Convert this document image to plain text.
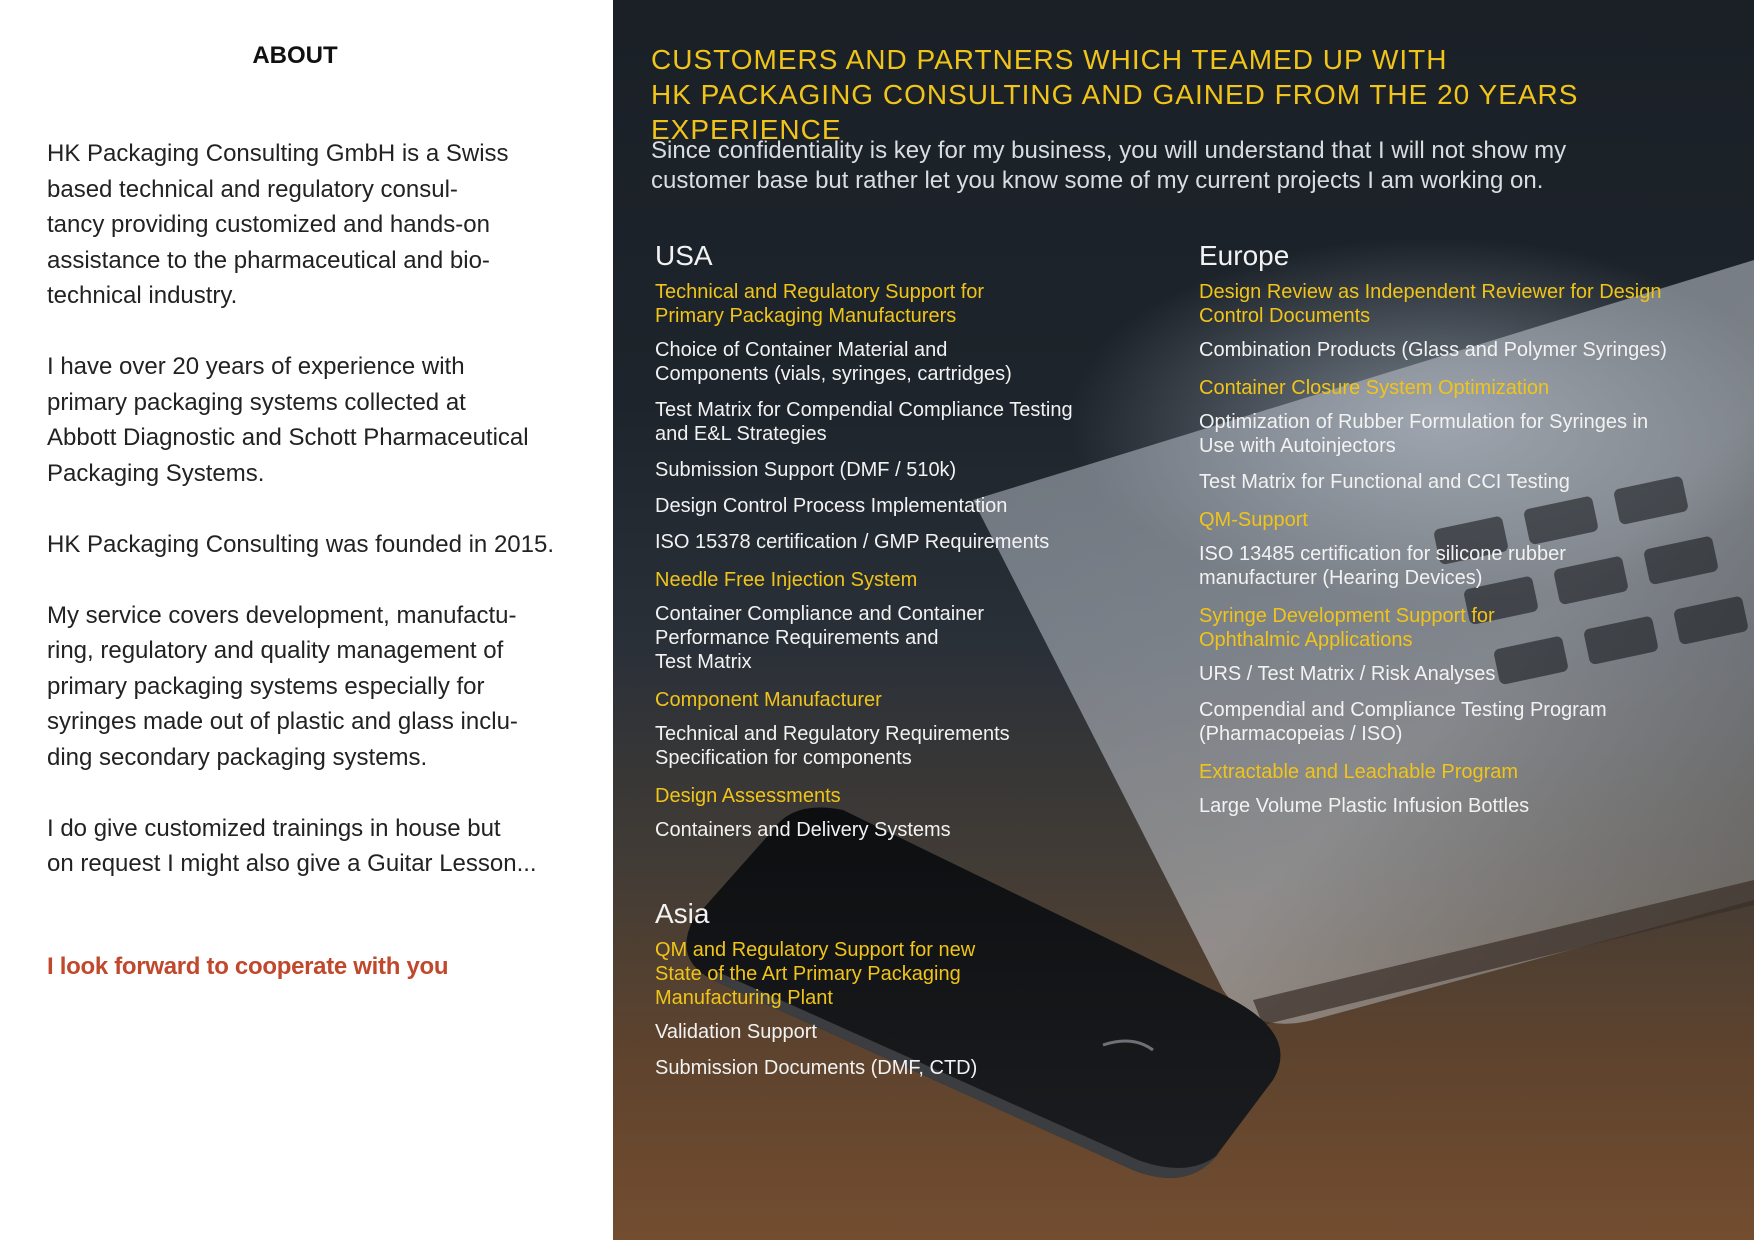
ABOUT

HK Packaging Consulting GmbH is a Swiss
based technical and regulatory consul-
tancy providing customized and hands-on
assistance to the pharmaceutical and bio-
technical industry.

I have over 20 years of experience with
primary packaging systems collected at
Abbott Diagnostic and Schott Pharmaceutical
Packaging Systems.

HK Packaging Consulting was founded in 2015.

My service covers development, manufactu-
ring, regulatory and quality management of
primary packaging systems especially for
syringes made out of plastic and glass inclu-
ding secondary packaging systems.

I do give customized trainings in house but
on request I might also give a Guitar Lesson...

I look forward to cooperate with you
CUSTOMERS AND PARTNERS WHICH TEAMED UP WITH
HK PACKAGING CONSULTING AND GAINED FROM THE 20 YEARS EXPERIENCE
Since confidentiality is key for my business, you will understand that I will not show my
customer base but rather let you know some of my current projects I am working on.
USA
Technical and Regulatory Support for
Primary Packaging Manufacturers
Choice of Container Material and
Components (vials, syringes, cartridges)
Test Matrix for Compendial Compliance Testing
and E&L Strategies
Submission Support (DMF / 510k)
Design Control Process Implementation
ISO 15378 certification / GMP Requirements
Needle Free Injection System
Container Compliance and Container
Performance Requirements and
Test Matrix
Component Manufacturer
Technical and Regulatory Requirements
Specification for components
Design Assessments
Containers and Delivery Systems
Asia
QM and Regulatory Support for new
State of the Art Primary Packaging
Manufacturing Plant
Validation Support
Submission Documents (DMF, CTD)
Europe
Design Review as Independent Reviewer for Design
Control Documents
Combination Products (Glass and Polymer Syringes)
Container Closure System Optimization
Optimization of Rubber Formulation for Syringes in
Use with Autoinjectors
Test Matrix for Functional and CCI Testing
QM-Support
ISO 13485 certification for silicone rubber
manufacturer (Hearing Devices)
Syringe Development Support for
Ophthalmic Applications
URS / Test Matrix / Risk Analyses
Compendial and Compliance Testing Program
(Pharmacopeias / ISO)
Extractable and Leachable Program
Large Volume Plastic Infusion Bottles
